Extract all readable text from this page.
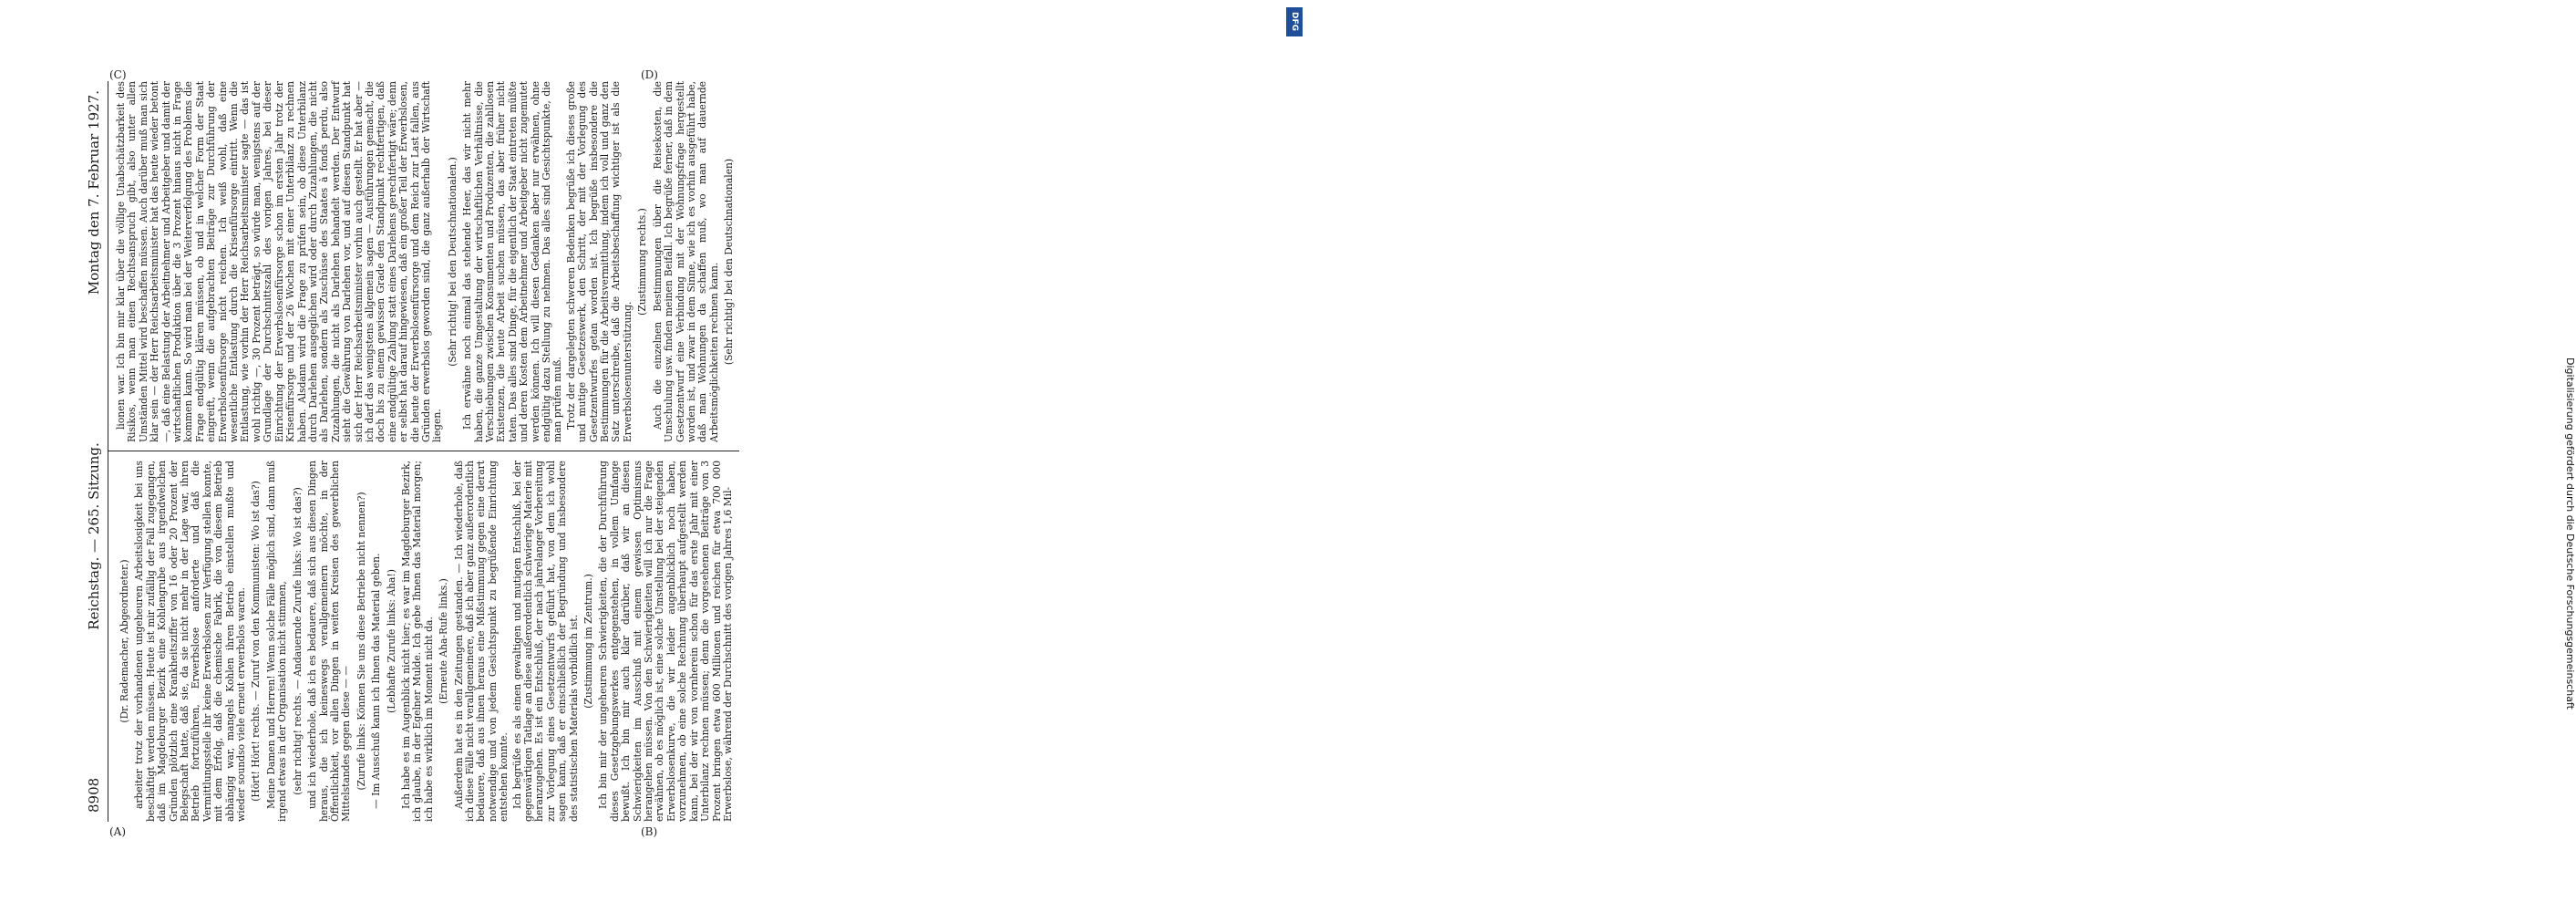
DFG
Digitalisierung gefördert durch die Deutsche Forschungsgemeinschaft
8908
Reichstag. — 265. Sitzung.
Montag den 7. Februar 1927.

(Dr. Rademacher, Abgeordneter.) arbeiter trotz der vorhandenen ungeheuren Arbeitslosigkeit bei uns beschäftigt werden müssen. Heute ist mir zufällig der Fall zugegangen, daß im Magdeburger Bezirk eine Kohlengrube aus irgendwelchen Gründen plötzlich eine Krankheitsziffer von 16 oder 20 Prozent der Belegschaft hatte, daß sie, da sie nicht mehr in der Lage war, ihren Betrieb fortzuführen, Erwerbslose anforderte und daß die Vermittlungsstelle ihr keine Erwerbslosen zur Verfügung stellen konnte, mit dem Erfolg, daß die chemische Fabrik, die von diesem Betrieb abhängig war, mangels Kohlen ihren Betrieb einstellen mußte und wieder soundso viele erneut erwerbslos waren. (Hört! Hört! rechts. — Zuruf von den Kommunisten: Wo ist das?) Meine Damen und Herren! Wenn solche Fälle möglich sind, dann muß irgend etwas in der Organisation nicht stimmen, (sehr richtig! rechts. — Andauernde Zurufe links: Wo ist das?) und ich wiederhole, daß ich es bedauere, daß sich aus diesen Dingen heraus, die ich keineswegs verallgemeinern möchte, in der Öffentlichkeit, vor allen Dingen in weiten Kreisen des gewerblichen Mittelstandes gegen diese — — (Zurufe links: Können Sie uns diese Betriebe nicht nennen?) — Im Ausschuß kann ich Ihnen das Material geben. (Lebhafte Zurufe links: Aha!) Ich habe es im Augenblick nicht hier; es war im Magdeburger Bezirk, ich glaube, in der Egelner Mulde. Ich gebe Ihnen das Material morgen; ich habe es wirklich im Moment nicht da. (Erneute Aha-Rufe links.) Außerdem hat es in den Zeitungen gestanden. — Ich wiederhole, daß ich diese Fälle nicht verallgemeinere, daß ich aber ganz außerordentlich bedauere, daß aus ihnen heraus eine Mißstimmung gegen eine derart notwendige und von jedem Gesichtspunkt zu begrüßende Einrichtung entstehen konnte. Ich begrüße es als einen gewaltigen und mutigen Entschluß, bei der gegenwärtigen Tatlage an diese außerordentlich schwierige Materie mit heranzugehen. Es ist ein Entschluß, der nach jahrelanger Vorbereitung zur Vorlegung eines Gesetzentwurfs geführt hat, von dem ich wohl sagen kann, daß er einschließlich der Begründung und insbesondere des statistischen Materials vorbildlich ist. (Zustimmung im Zentrum.) Ich bin mir der ungeheuren Schwierigkeiten, die der Durchführung dieses Gesetzgebungswerkes entgegenstehen, in vollem Umfange bewußt. Ich bin mir auch klar darüber, daß wir an diesen Schwierigkeiten im Ausschuß mit einem gewissen Optimismus herangehen müssen. Von den Schwierigkeiten will ich nur die Frage erwähnen, ob es möglich ist, eine solche Umstellung bei der steigenden Erwerbslosenkurve, die wir leider augenblicklich noch haben, vorzunehmen, ob eine solche Rechnung überhaupt aufgestellt werden kann, bei der wir von vornherein schon für das erste Jahr mit einer Unterbilanz rechnen müssen; denn die vorgesehenen Beiträge von 3 Prozent bringen etwa 600 Millionen und reichen für etwa 700 000 Erwerbslose, während der Durchschnitt des vorigen Jahres 1,6 Mil-

lionen war. Ich bin mir klar über die völlige Unabschätzbarkeit des Risikos, wenn man einen Rechtsanspruch gibt, also unter allen Umständen Mittel wird beschaffen müssen. Auch darüber muß man sich klar sein — der Herr Reichsarbeitsminister hat das heute wieder betont —, daß eine Belastung der Arbeitnehmer und Arbeitgeber und damit der wirtschaftlichen Produktion über die 3 Prozent hinaus nicht in Frage kommen kann. So wird man bei der Weiterverfolgung des Problems die Frage endgültig klären müssen, ob und in welcher Form der Staat eingreift, wenn die aufgebrachten Beiträge zur Durchführung der Erwerbslosenfürsorge nicht reichen. Ich weiß wohl, daß eine wesentliche Entlastung durch die Krisenfürsorge eintritt. Wenn die Entlastung, wie vorhin der Herr Reichsarbeitsminister sagte — das ist wohl richtig —, 30 Prozent beträgt, so würde man, wenigstens auf der Grundlage der Durchschnittszahl des vorigen Jahres, bei dieser Einrichtung der Erwerbslosenfürsorge schon im ersten Jahr trotz der Krisenfürsorge und der 26 Wochen mit einer Unterbilanz zu rechnen haben. Alsdann wird die Frage zu prüfen sein, ob diese Unterbilanz durch Darlehen ausgeglichen wird oder durch Zuzahlungen, die nicht als Darlehen, sondern als Zuschüsse des Staates à fonds perdu, also Zuzahlungen, die nicht als Darlehen behandelt werden. Der Entwurf sieht die Gewährung von Darlehen vor, und auf diesen Standpunkt hat sich der Herr Reichsarbeitsminister vorhin auch gestellt. Er hat aber — ich darf das wenigstens allgemein sagen — Ausführungen gemacht, die doch bis zu einem gewissen Grade den Standpunkt rechtfertigen, daß eine endgültige Zahlung statt eines Darlehens gerechtfertigt wäre; denn er selbst hat darauf hingewiesen, daß ein großer Teil der Erwerbslosen, die heute der Erwerbslosenfürsorge und dem Reich zur Last fallen, aus Gründen erwerbslos geworden sind, die ganz außerhalb der Wirtschaft liegen.

(Sehr richtig! bei den Deutschnationalen.) Ich erwähne noch einmal das stehende Heer, das wir nicht mehr haben, die ganze Umgestaltung der wirtschaftlichen Verhältnisse, die Verschiebungen zwischen Konsumenten und Produzenten, die zahllosen Existenzen, die heute Arbeit suchen müssen, das aber früher nicht taten. Das alles sind Dinge, für die eigentlich der Staat eintreten müßte und deren Kosten dem Arbeitnehmer und Arbeitgeber nicht zugemutet werden können. Ich will diesen Gedanken aber nur erwähnen, ohne endgültig dazu Stellung zu nehmen. Das alles sind Gesichtspunkte, die man prüfen muß. Trotz der dargelegten schweren Bedenken begrüße ich dieses große und mutige Gesetzeswerk, den Schritt, der mit der Vorlegung des Gesetzentwurfes getan worden ist. Ich begrüße insbesondere die Bestimmungen für die Arbeitsvermittlung, indem ich voll und ganz den Satz unterschreibe, daß die Arbeitsbeschaffung wichtiger ist als die Erwerbslosenunterstützung.

(Zustimmung rechts.) Auch die einzelnen Bestimmungen über die Reisekosten, die Umschulung usw. finden meinen Beifall. Ich begrüße ferner, daß in dem Gesetzentwurf eine Verbindung mit der Wohnungsfrage hergestellt worden ist, und zwar in dem Sinne, wie ich es vorhin ausgeführt habe, daß man Wohnungen da schaffen muß, wo man auf dauernde Arbeitsmöglichkeiten rechnen kann. (Sehr richtig! bei den Deutschnationalen)

(A)	(B)
(C)	(D)
